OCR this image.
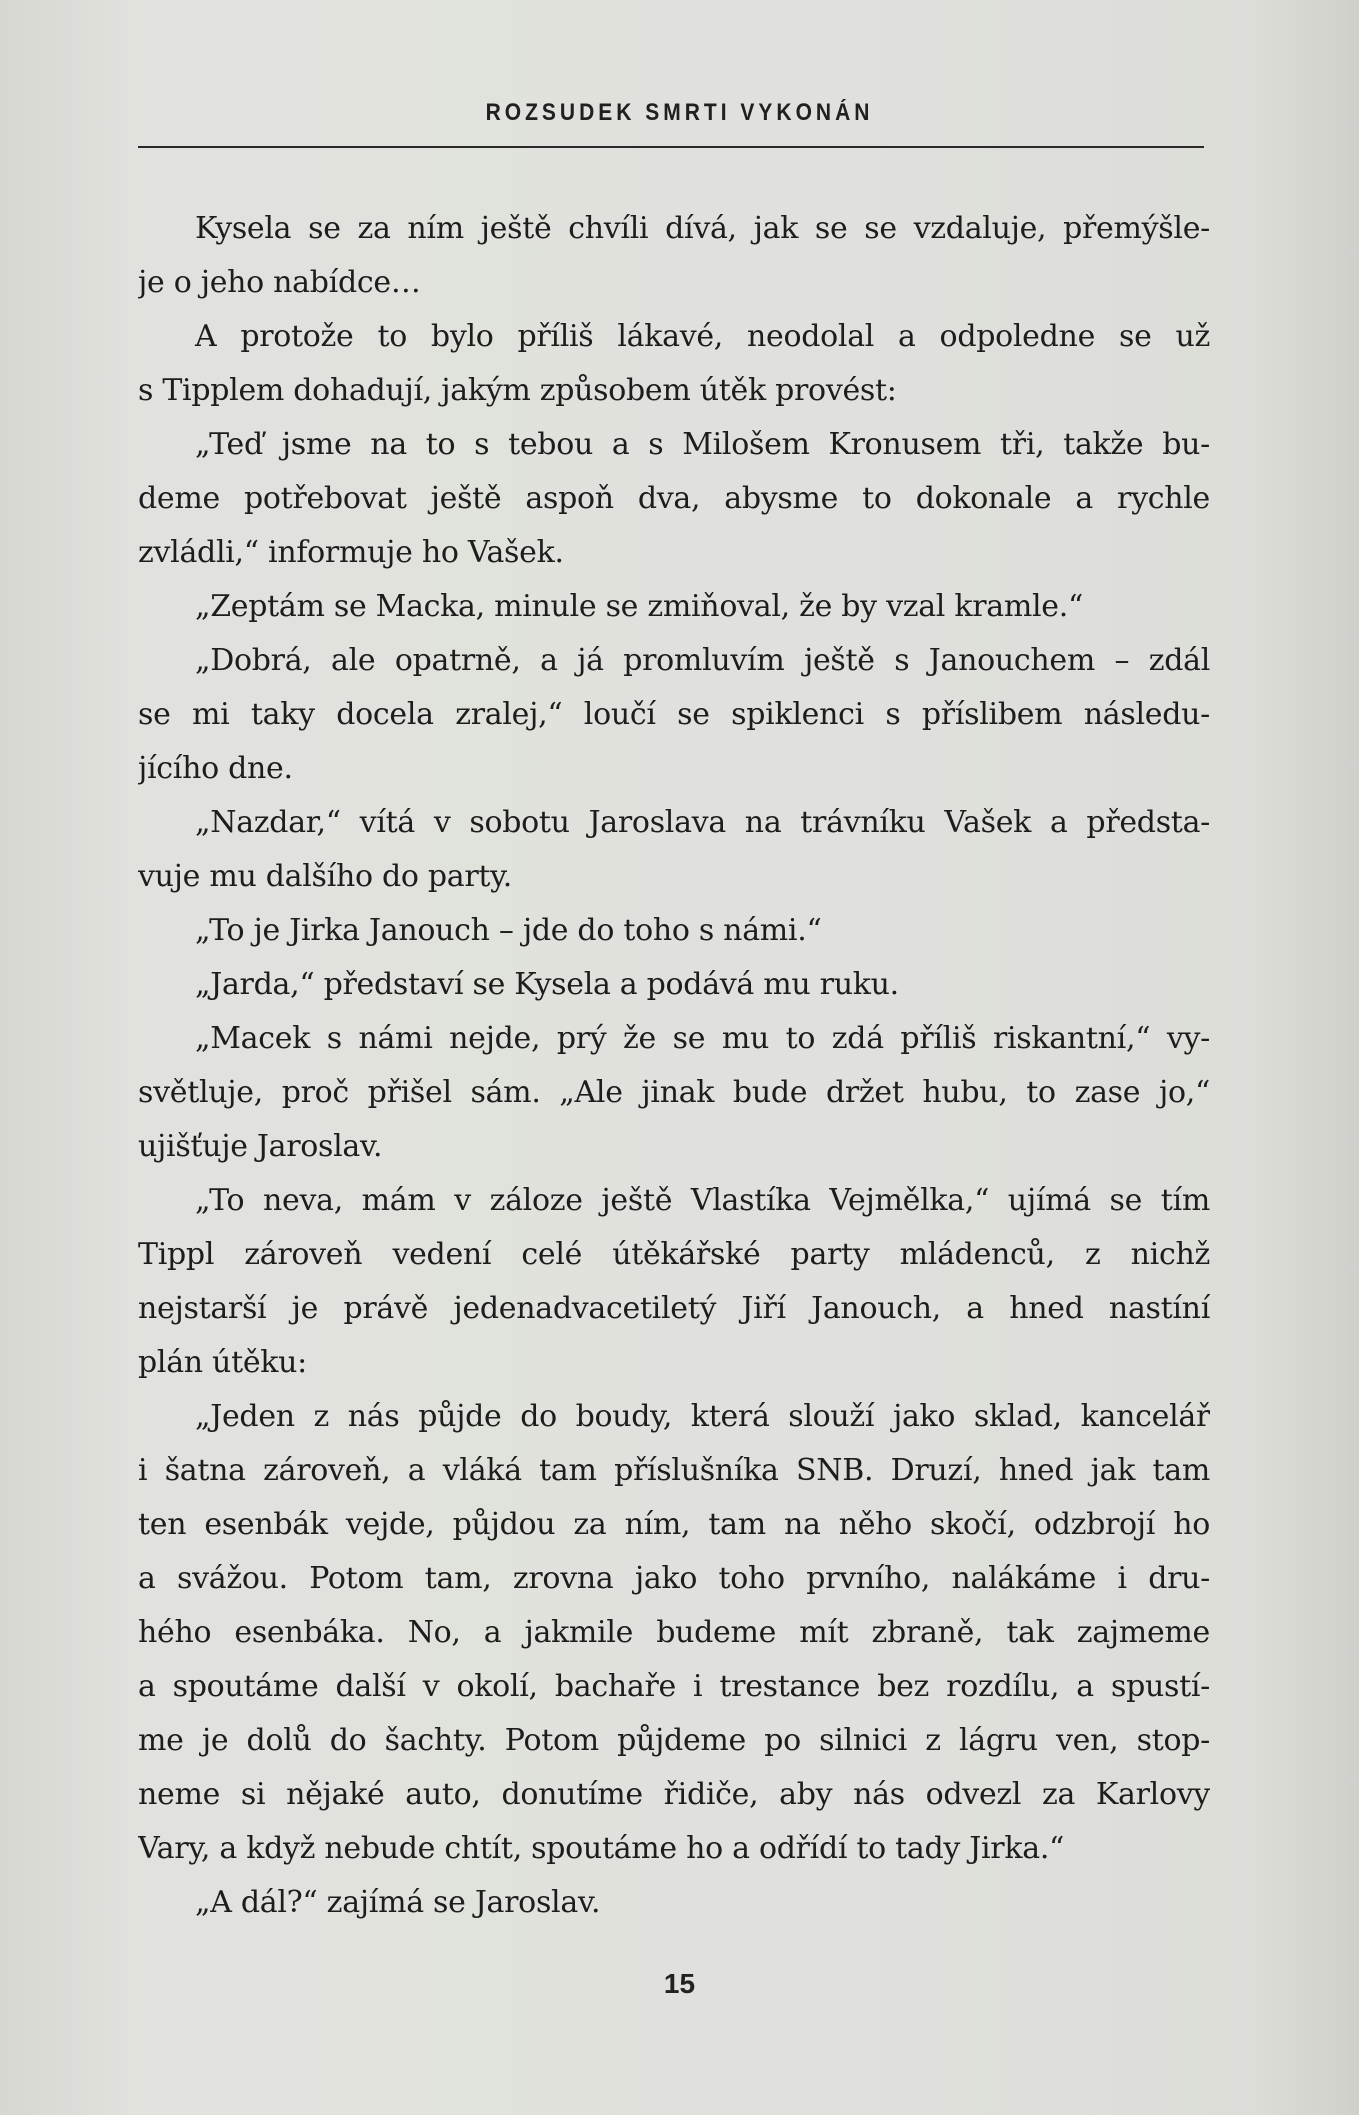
ROZSUDEK SMRTI VYKONÁN
Kysela se za ním ještě chvíli dívá, jak se se vzdaluje, přemýšle-
je o jeho nabídce…
A protože to bylo příliš lákavé, neodolal a odpoledne se už
s Tipplem dohadují, jakým způsobem útěk provést:
„Teď jsme na to s tebou a s Milošem Kronusem tři, takže bu-
deme potřebovat ještě aspoň dva, abysme to dokonale a rychle
zvládli,“ informuje ho Vašek.
„Zeptám se Macka, minule se zmiňoval, že by vzal kramle.“
„Dobrá, ale opatrně, a já promluvím ještě s Janouchem – zdál
se mi taky docela zralej,“ loučí se spiklenci s příslibem následu-
jícího dne.
„Nazdar,“ vítá v sobotu Jaroslava na trávníku Vašek a předsta-
vuje mu dalšího do party.
„To je Jirka Janouch – jde do toho s námi.“
„Jarda,“ představí se Kysela a podává mu ruku.
„Macek s námi nejde, prý že se mu to zdá příliš riskantní,“ vy-
světluje, proč přišel sám. „Ale jinak bude držet hubu, to zase jo,“
ujišťuje Jaroslav.
„To neva, mám v záloze ještě Vlastíka Vejmělka,“ ujímá se tím
Tippl zároveň vedení celé útěkářské party mládenců, z nichž
nejstarší je právě jedenadvacetiletý Jiří Janouch, a hned nastíní
plán útěku:
„Jeden z nás půjde do boudy, která slouží jako sklad, kancelář
i šatna zároveň, a vláká tam příslušníka SNB. Druzí, hned jak tam
ten esenbák vejde, půjdou za ním, tam na něho skočí, odzbrojí ho
a svážou. Potom tam, zrovna jako toho prvního, nalákáme i dru-
hého esenbáka. No, a jakmile budeme mít zbraně, tak zajmeme
a spoutáme další v okolí, bachaře i trestance bez rozdílu, a spustí-
me je dolů do šachty. Potom půjdeme po silnici z lágru ven, stop-
neme si nějaké auto, donutíme řidiče, aby nás odvezl za Karlovy
Vary, a když nebude chtít, spoutáme ho a odřídí to tady Jirka.“
„A dál?“ zajímá se Jaroslav.
15
